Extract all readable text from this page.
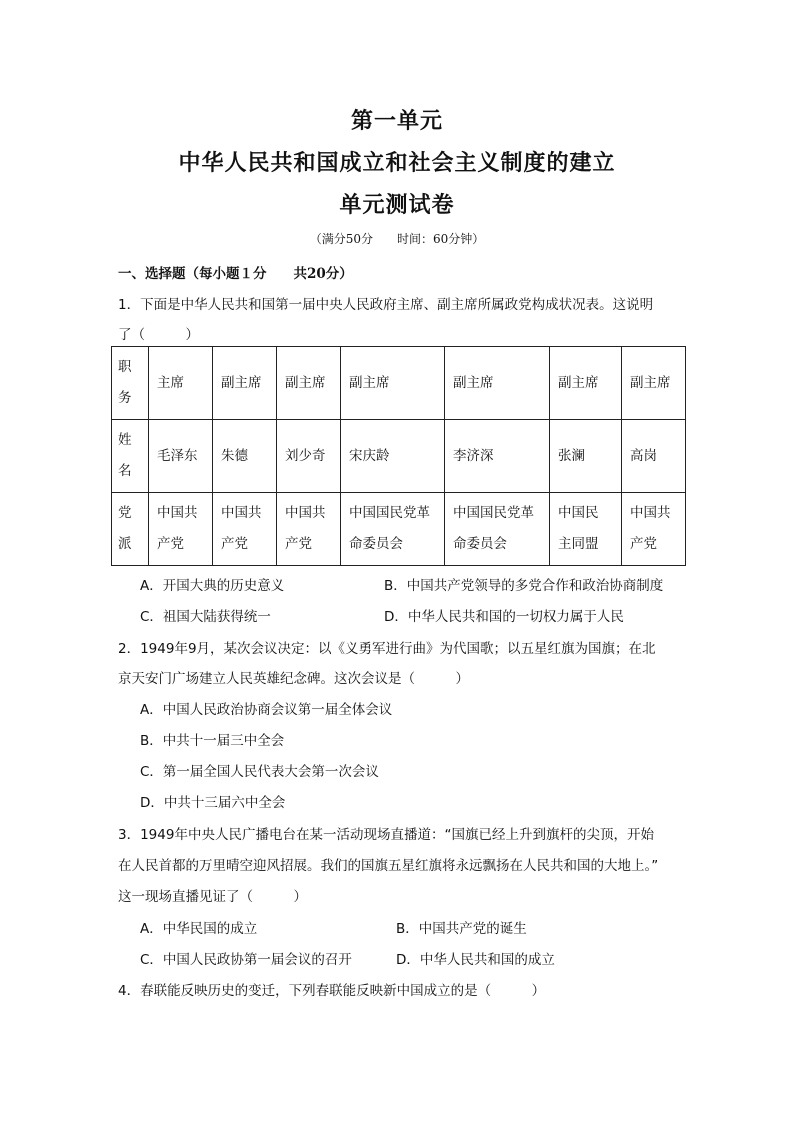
第一单元
中华人民共和国成立和社会主义制度的建立
单元测试卷
（满分50分　　时间：60分钟）
一、选择题（每小题１分　　共20分）
1．下面是中华人民共和国第一届中央人民政府主席、副主席所属政党构成状况表。这说明
了（　　　）
职务	主席	副主席	副主席	副主席	副主席	副主席	副主席

姓名	毛泽东	朱德	刘少奇	宋庆龄	李济深	张澜	高岗

党派	中国共产党	中国共产党	中国共产党	中国国民党革命委员会	中国国民党革命委员会	中国民主同盟	中国共产党
A．开国大典的历史意义	B．中国共产党领导的多党合作和政治协商制度
C．祖国大陆获得统一	D．中华人民共和国的一切权力属于人民
2．1949年9月，某次会议决定：以《义勇军进行曲》为代国歌；以五星红旗为国旗；在北
京天安门广场建立人民英雄纪念碑。这次会议是（　　　）
A．中国人民政治协商会议第一届全体会议
B．中共十一届三中全会
C．第一届全国人民代表大会第一次会议
D．中共十三届六中全会
3．1949年中央人民广播电台在某一活动现场直播道：“国旗已经上升到旗杆的尖顶，开始
在人民首都的万里晴空迎风招展。我们的国旗五星红旗将永远飘扬在人民共和国的大地上。”
这一现场直播见证了（　　　）
A．中华民国的成立	B．中国共产党的诞生
C．中国人民政协第一届会议的召开	D．中华人民共和国的成立
4．春联能反映历史的变迁，下列春联能反映新中国成立的是（　　　）
